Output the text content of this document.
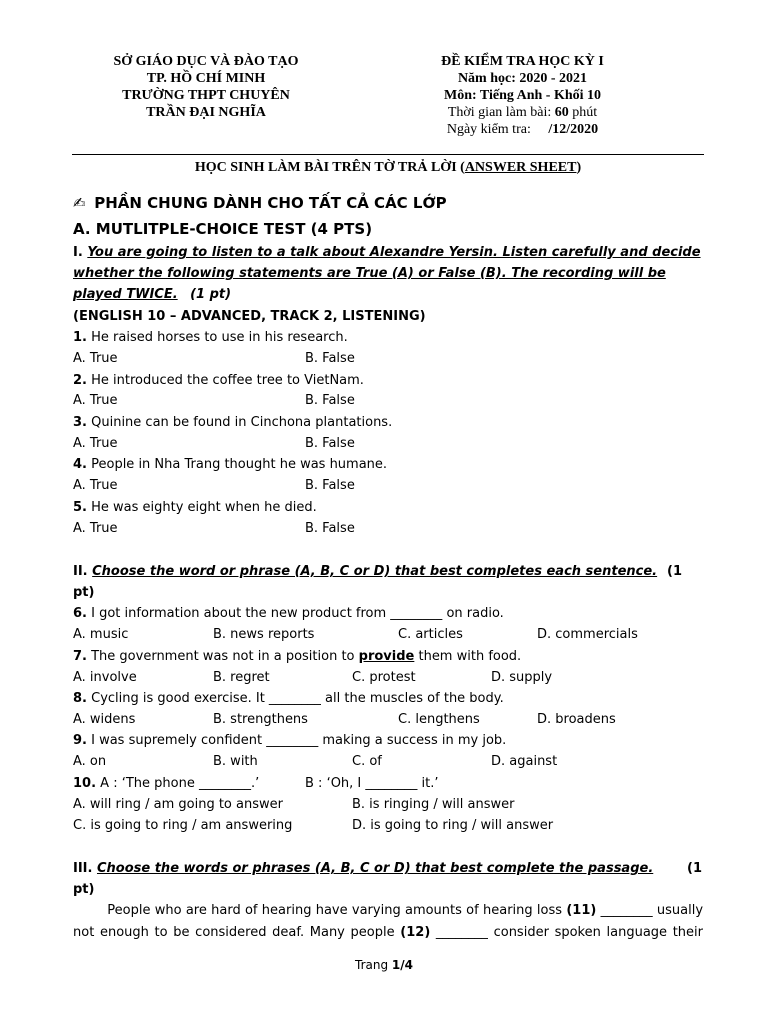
SỞ GIÁO DỤC VÀ ĐÀO TẠO
TP. HỒ CHÍ MINH
TRƯỜNG THPT CHUYÊN
TRẦN ĐẠI NGHĨA
ĐỀ KIỂM TRA HỌC KỲ I
Năm học: 2020 - 2021
Môn: Tiếng Anh - Khối 10
Thời gian làm bài: 60 phút
Ngày kiểm tra: /12/2020
HỌC SINH LÀM BÀI TRÊN TỜ TRẢ LỜI (ANSWER SHEET)
✍ PHẦN CHUNG DÀNH CHO TẤT CẢ CÁC LỚP
A. MUTLITPLE-CHOICE TEST (4 PTS)
I. You are going to listen to a talk about Alexandre Yersin. Listen carefully and decide
whether the following statements are True (A) or False (B). The recording will be
played TWICE. (1 pt)
(ENGLISH 10 – ADVANCED, TRACK 2, LISTENING)
1. He raised horses to use in his research.
A. True	B. False
2. He introduced the coffee tree to VietNam.
A. True	B. False
3. Quinine can be found in Cinchona plantations.
A. True	B. False
4. People in Nha Trang thought he was humane.
A. True	B. False
5. He was eighty eight when he died.
A. True	B. False
II. Choose the word or phrase (A, B, C or D) that best completes each sentence. (1
pt)
6. I got information about the new product from ________ on radio.
A. music	B. news reports	C. articles	D. commercials
7. The government was not in a position to provide them with food.
A. involve	B. regret	C. protest	D. supply
8. Cycling is good exercise. It ________ all the muscles of the body.
A. widens	B. strengthens	C. lengthens	D. broadens
9. I was supremely confident ________ making a success in my job.
A. on	B. with	C. of	D. against
10. A : ‘The phone ________.’	B : ‘Oh, I ________ it.’
A. will ring / am going to answer	B. is ringing / will answer
C. is going to ring / am answering	D. is going to ring / will answer
III. Choose the words or phrases (A, B, C or D) that best complete the passage.	(1
pt)
People who are hard of hearing have varying amounts of hearing loss (11) ________ usually
not enough to be considered deaf. Many people (12) ________ consider spoken language their
Trang 1/4
